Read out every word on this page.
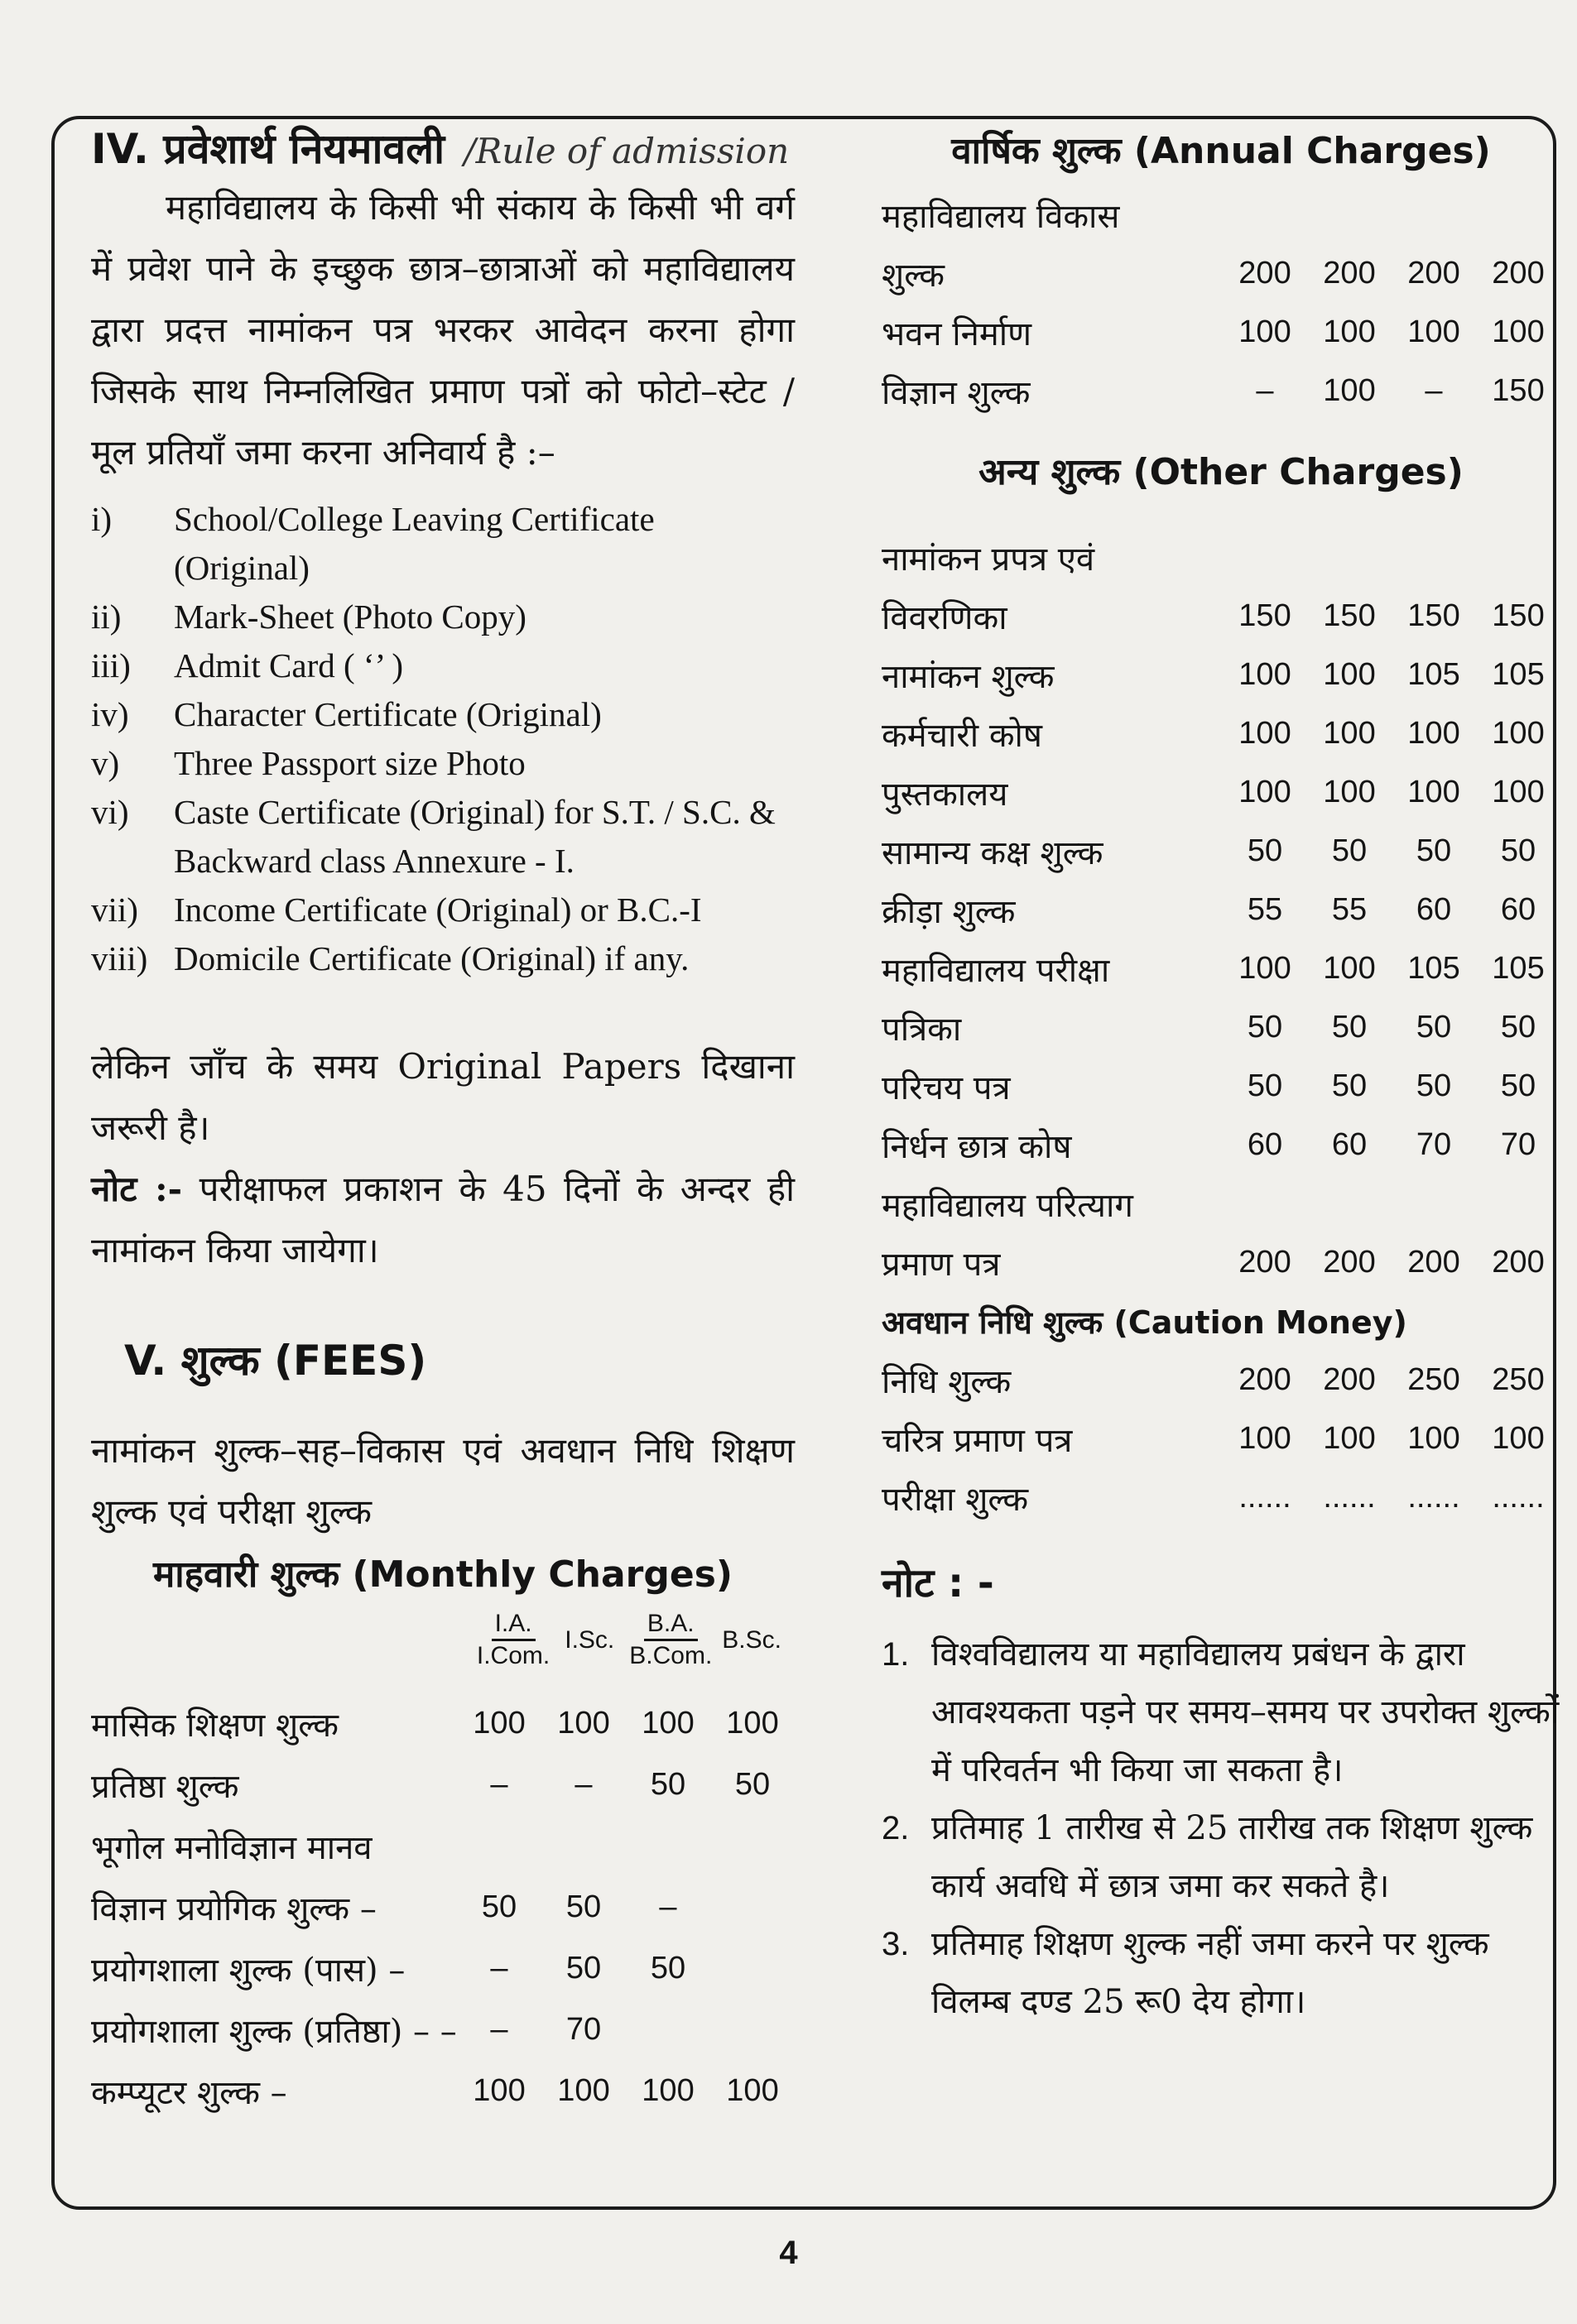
IV. प्रवेशार्थ नियमावली /Rule of admission

महाविद्यालय के किसी भी संकाय के किसी भी वर्ग में प्रवेश पाने के इच्छुक छात्र–छात्राओं को महाविद्यालय द्वारा प्रदत्त नामांकन पत्र भरकर आवेदन करना होगा जिसके साथ निम्नलिखित प्रमाण पत्रों को फोटो–स्टेट / मूल प्रतियाँ जमा करना अनिवार्य है :–

i)	School/College Leaving Certificate (Original)
ii)	Mark-Sheet (Photo Copy)
iii)	Admit Card ( ‘’ )
iv)	Character Certificate (Original)
v)	Three Passport size Photo
vi)	Caste Certificate (Original) for S.T. / S.C. & Backward class Annexure - I.
vii)	Income Certificate (Original) or B.C.-I
viii) Domicile Certificate (Original) if any.

लेकिन जाँच के समय Original Papers दिखाना जरूरी है।

नोट :- परीक्षाफल प्रकाशन के 45 दिनों के अन्दर ही नामांकन किया जायेगा।

V. शुल्क (FEES)

नामांकन शुल्क–सह–विकास एवं अवधान निधि शिक्षण शुल्क एवं परीक्षा शुल्क

माहवारी शुल्क (Monthly Charges)
$\frac{I.A.}{\text{I.Com.}} I.Sc$. $\frac{B.A.}{\text{B.Com.}} B.Sc$.
मासिक शिक्षण शुल्क	100	100	100	100
प्रतिष्ठा शुल्क	–	–	50	50
भूगोल मनोविज्ञान मानव				
विज्ञान प्रयोगिक शुल्क –	50	50	–	
प्रयोगशाला शुल्क (पास) –	–	50	50	
प्रयोगशाला शुल्क (प्रतिष्ठा) – –	–	70		
कम्प्यूटर शुल्क –	100	100	100	100
वार्षिक शुल्क (Annual Charges)
महाविद्यालय विकास				
शुल्क	200	200	200	200
भवन निर्माण	100	100	100	100
विज्ञान शुल्क	–	100	–	150
अन्य शुल्क (Other Charges)
नामांकन प्रपत्र एवं				
विवरणिका	150	150	150	150
नामांकन शुल्क	100	100	105	105
कर्मचारी कोष	100	100	100	100
पुस्तकालय	100	100	100	100
सामान्य कक्ष शुल्क	50	50	50	50
क्रीड़ा शुल्क	55	55	60	60
महाविद्यालय परीक्षा	100	100	105	105
पत्रिका	50	50	50	50
परिचय पत्र	50	50	50	50
निर्धन छात्र कोष	60	60	70	70
महाविद्यालय परित्याग				
प्रमाण पत्र	200	200	200	200
अवधान निधि शुल्क (Caution Money)				
निधि शुल्क	200	200	250	250
चरित्र प्रमाण पत्र	100	100	100	100
परीक्षा शुल्क	......	......	......	......
नोट : -
1. विश्वविद्यालय या महाविद्यालय प्रबंधन के द्वारा आवश्यकता पड़ने पर समय–समय पर उपरोक्त शुल्कों में परिवर्तन भी किया जा सकता है।
2. प्रतिमाह 1 तारीख से 25 तारीख तक शिक्षण शुल्क कार्य अवधि में छात्र जमा कर सकते है।
3. प्रतिमाह शिक्षण शुल्क नहीं जमा करने पर शुल्क विलम्ब दण्ड 25 रू0 देय होगा।
4
